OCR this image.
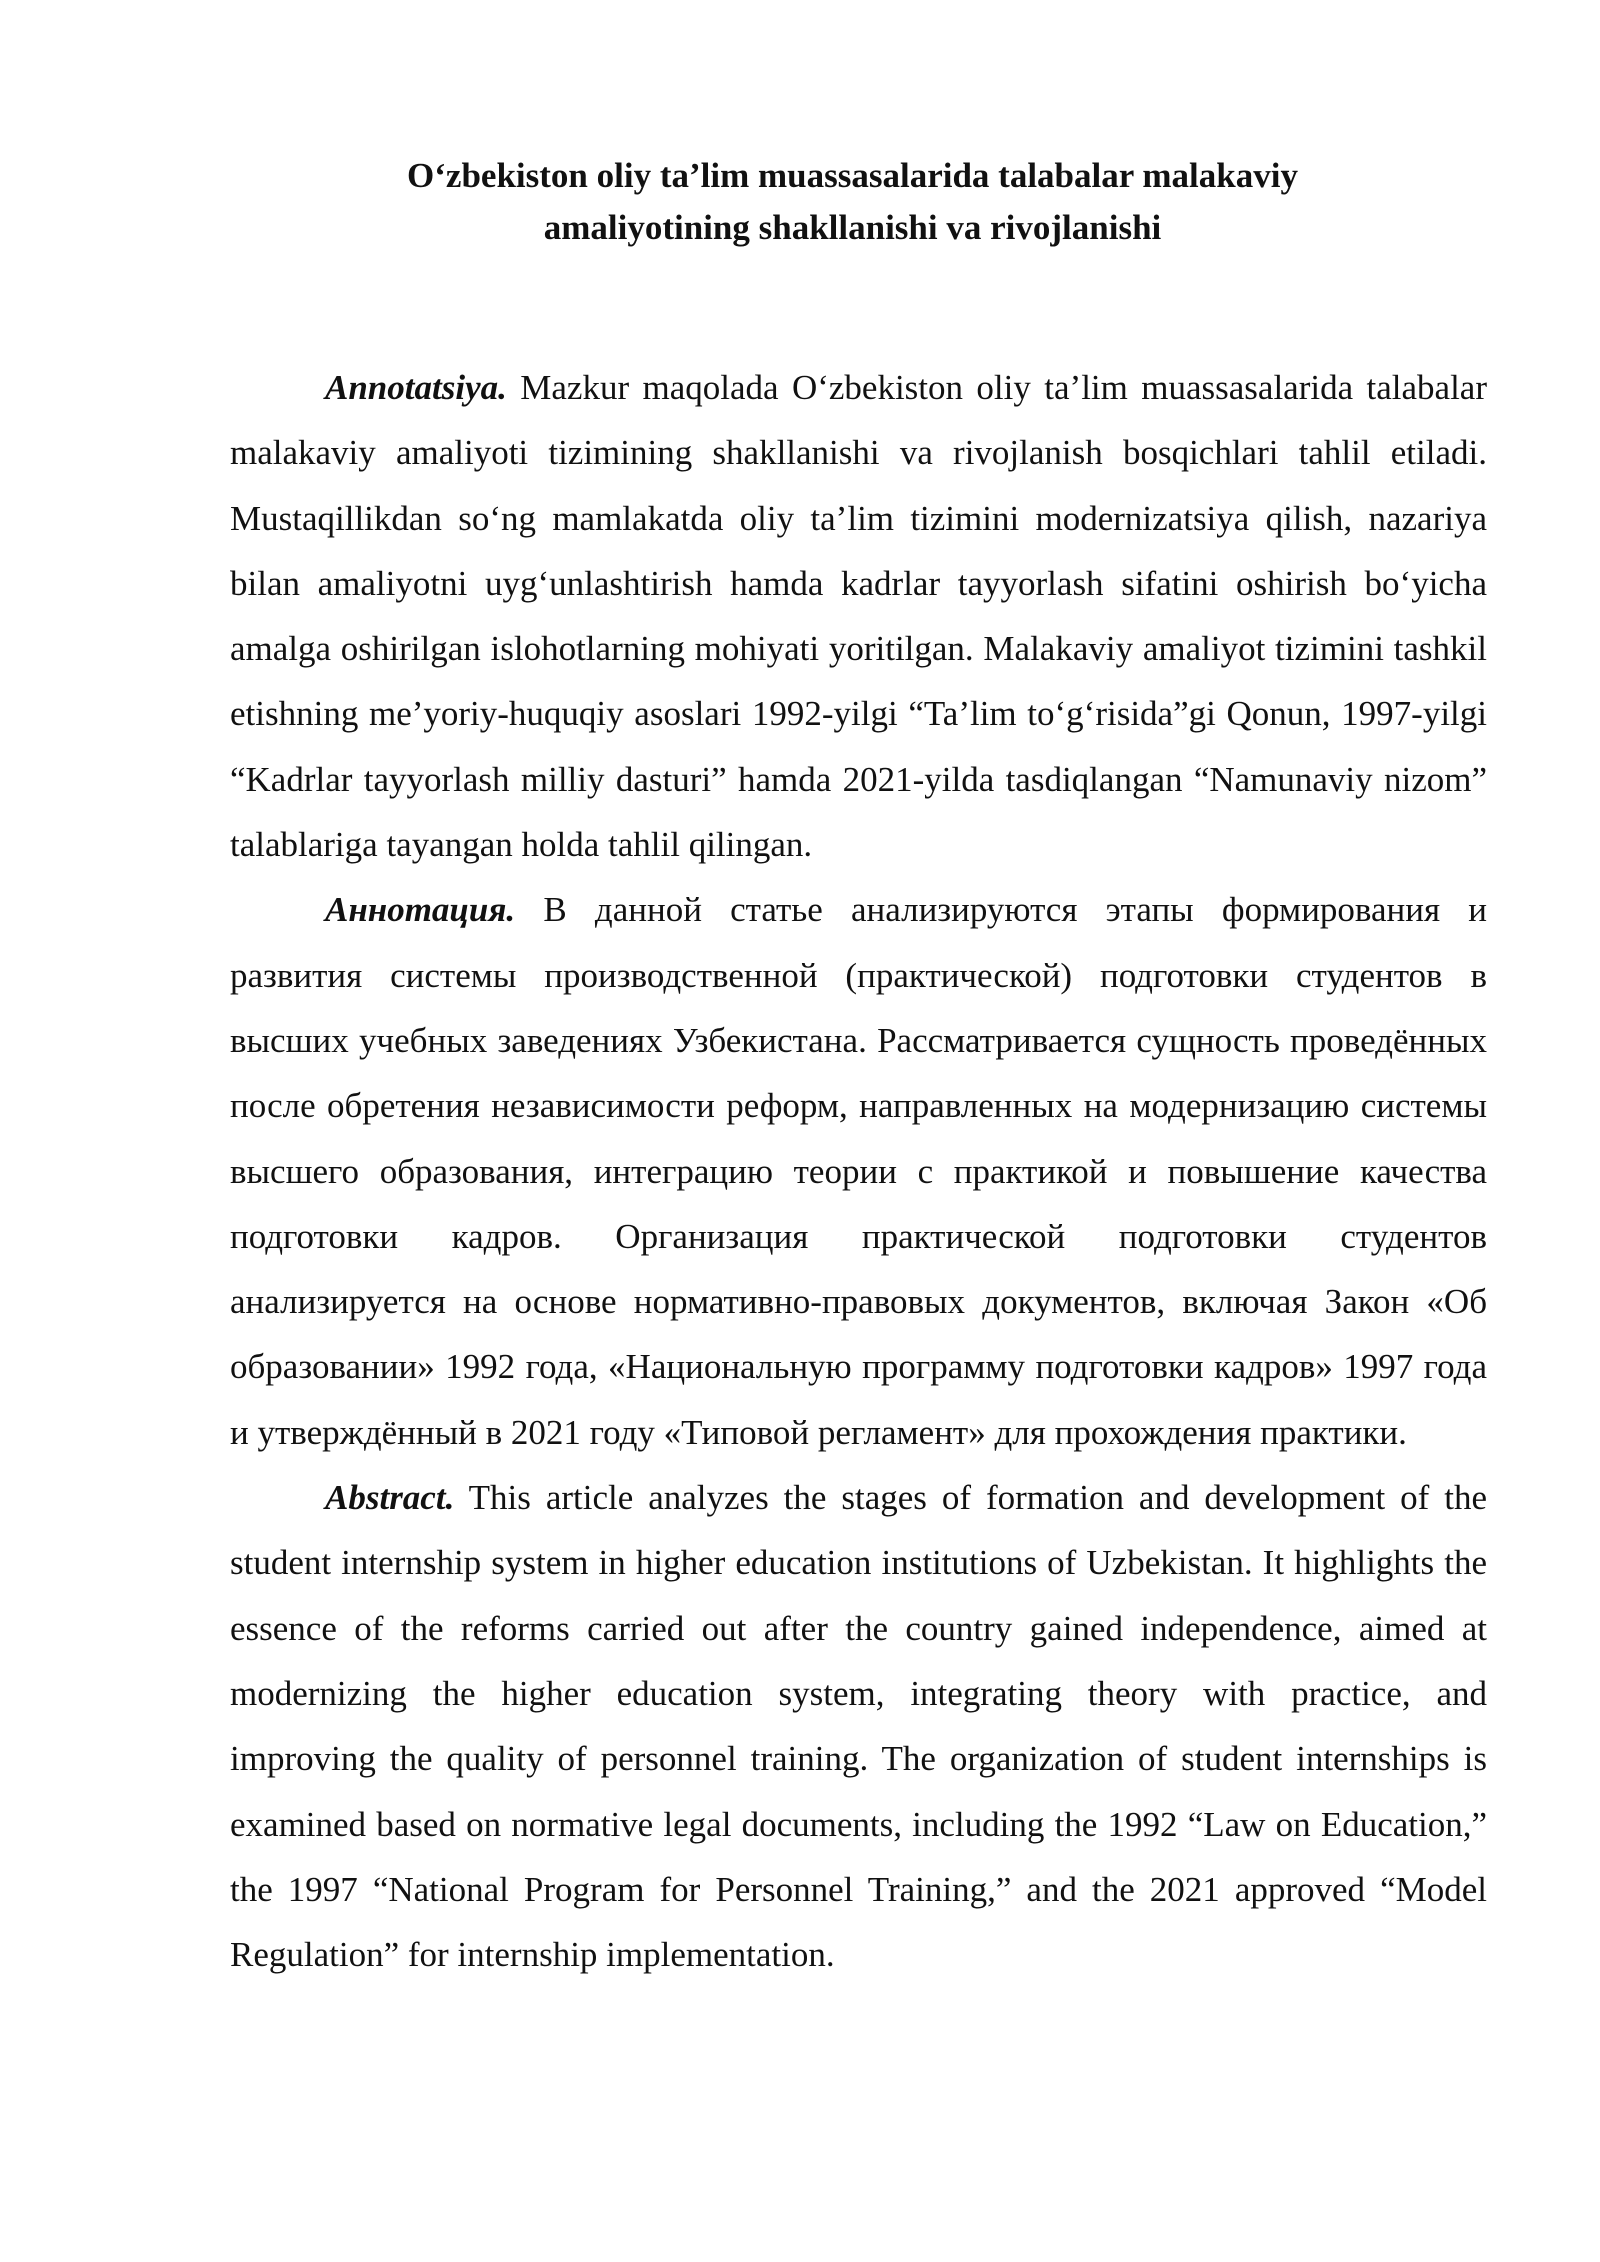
O‘zbekiston oliy ta’lim muassasalarida talabalar malakaviy
amaliyotining shakllanishi va rivojlanishi

Annotatsiya. Mazkur maqolada O‘zbekiston oliy ta’lim muassasalarida talabalar malakaviy amaliyoti tizimining shakllanishi va rivojlanish bosqichlari tahlil etiladi. Mustaqillikdan so‘ng mamlakatda oliy ta’lim tizimini modernizatsiya qilish, nazariya bilan amaliyotni uyg‘unlashtirish hamda kadrlar tayyorlash sifatini oshirish bo‘yicha amalga oshirilgan islohotlarning mohiyati yoritilgan. Malakaviy amaliyot tizimini tashkil etishning me’yoriy-huquqiy asoslari 1992-yilgi “Ta’lim to‘g‘risida”gi Qonun, 1997-yilgi “Kadrlar tayyorlash milliy dasturi” hamda 2021-yilda tasdiqlangan “Namunaviy nizom” talablariga tayangan holda tahlil qilingan.

Аннотация. В данной статье анализируются этапы формирования и развития системы производственной (практической) подготовки студентов в высших учебных заведениях Узбекистана. Рассматривается сущность проведённых после обретения независимости реформ, направленных на модернизацию системы высшего образования, интеграцию теории с практикой и повышение качества подготовки кадров. Организация практической подготовки студентов анализируется на основе нормативно-правовых документов, включая Закон «Об образовании» 1992 года, «Национальную программу подготовки кадров» 1997 года и утверждённый в 2021 году «Типовой регламент» для прохождения практики.

Abstract. This article analyzes the stages of formation and development of the student internship system in higher education institutions of Uzbekistan. It highlights the essence of the reforms carried out after the country gained independence, aimed at modernizing the higher education system, integrating theory with practice, and improving the quality of personnel training. The organization of student internships is examined based on normative legal documents, including the 1992 “Law on Education,” the 1997 “National Program for Personnel Training,” and the 2021 approved “Model Regulation” for internship implementation.
